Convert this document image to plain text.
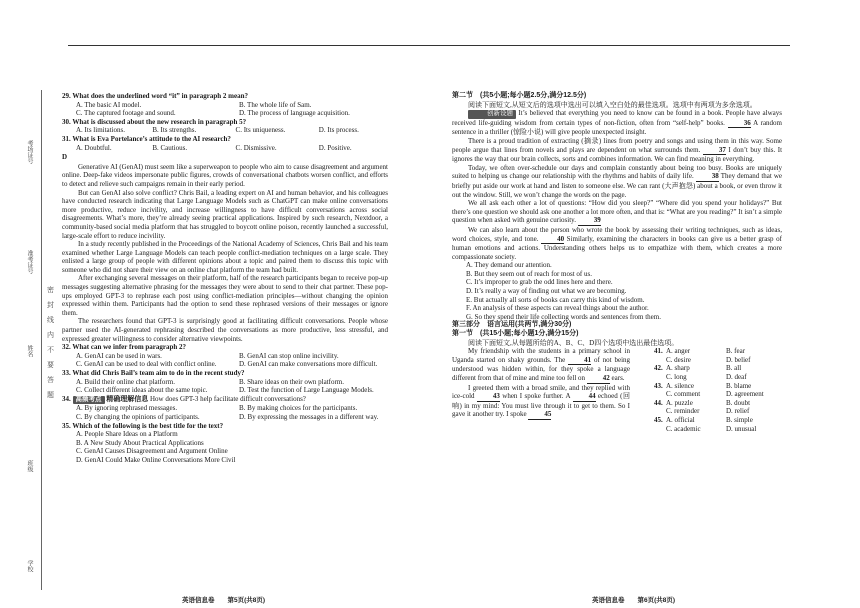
考场证号
准考证号
姓名
班级
学校
密
封
线
内
不
要
答
题

29. What does the underlined word “it” in paragraph 2 mean?

A. The basic AI model.	B. The whole life of Sam.
C. The captured footage and sound.	D. The process of language acquisition.

30. What is discussed about the new research in paragraph 5?

A. Its limitations.	B. Its strengths.	C. Its uniqueness.	D. Its process.

31. What is Eva Portelance’s attitude to the AI research?

A. Doubtful.	B. Cautious.	C. Dismissive.	D. Positive.

D

Generative AI (GenAI) must seem like a superweapon to people who aim to cause disagreement and argument online. Deep-fake videos impersonate public figures, crowds of conversational chatbots worsen conflict, and efforts to detect and relieve such campaigns remain in their early period.

But can GenAI also solve conflict? Chris Bail, a leading expert on AI and human behavior, and his colleagues have conducted research indicating that Large Language Models such as ChatGPT can make online conversations more productive, reduce incivility, and increase willingness to have difficult conversations across social disagreements. What’s more, they’re already seeing practical applications. Inspired by such research, Nextdoor, a community-based social media platform that has struggled to boycott online poison, recently launched a successful, large-scale effort to reduce incivility.

In a study recently published in the Proceedings of the National Academy of Sciences, Chris Bail and his team examined whether Large Language Models can teach people conflict-mediation techniques on a large scale. They enlisted a large group of people with different opinions about a topic and paired them to discuss this topic with someone who did not share their view on an online chat platform the team had built.

After exchanging several messages on their platform, half of the research participants began to receive pop-up messages suggesting alternative phrasing for the messages they were about to send to their chat partner. These pop-ups employed GPT-3 to rephrase each post using conflict-mediation principles—without changing the opinion expressed within them. Participants had the option to send these rephrased versions of their messages or ignore them.

The researchers found that GPT-3 is surprisingly good at facilitating difficult conversations. People whose partner used the AI-generated rephrasing described the conversations as more productive, less stressful, and expressed greater willingness to consider alternative viewpoints.

32. What can we infer from paragraph 2?

A. GenAI can be used in wars.	B. GenAI can stop online incivility.
C. GenAI can be used to deal with conflict online.	D. GenAI can make conversations more difficult.

33. What did Chris Bail’s team aim to do in the recent study?

A. Build their online chat platform.	B. Share ideas on their own platform.
C. Collect different ideas about the same topic.	D. Test the function of Large Language Models.

34. 高频考点 精确理解信息 How does GPT-3 help facilitate difficult conversations?

A. By ignoring rephrased messages.	B. By making choices for the participants.
C. By changing the opinions of participants.	D. By expressing the messages in a different way.

35. Which of the following is the best title for the text?

A. People Share Ideas on a Platform

B. A New Study About Practical Applications

C. GenAI Causes Disagreement and Argument Online

D. GenAI Could Make Online Conversations More Civil

英语信息卷　　第5页(共8页)

第二节　(共5小题;每小题2.5分,满分12.5分)

阅读下面短文,从短文后的选项中选出可以填入空白处的最佳选项。选项中有两项为多余选项。

创新设题 It’s believed that everything you need to know can be found in a book. People have always received life-guiding wisdom from certain types of non-fiction, often from “self-help” books.	36 A random sentence in a thriller (惊险小说) will give people unexpected insight.

There is a proud tradition of extracting (摘录) lines from poetry and songs and using them in this way. Some people argue that lines from novels and plays are dependent on what surrounds them.	37 I don’t buy this. It ignores the way that our brain collects, sorts and combines information. We can find meaning in everything.

Today, we often over-schedule our days and complain constantly about being too busy. Books are uniquely suited to helping us change our relationship with the rhythms and habits of daily life.	38 They demand that we briefly put aside our work at hand and listen to someone else. We can rant (大声抱怨) about a book, or even throw it out the window. Still, we won’t change the words on the page.

We all ask each other a lot of questions: “How did you sleep?” “Where did you spend your holidays?” But there’s one question we should ask one another a lot more often, and that is: “What are you reading?” It isn’t a simple question when asked with genuine curiosity.	39

We can also learn about the person who wrote the book by assessing their writing techniques, such as ideas, word choices, style, and tone.	40 Similarly, examining the characters in books can give us a better grasp of human emotions and actions. Understanding others helps us to empathize with them, which creates a more compassionate society.

A. They demand our attention.

B. But they seem out of reach for most of us.

C. It’s improper to grab the odd lines here and there.

D. It’s really a way of finding out what we are becoming.

E. But actually all sorts of books can carry this kind of wisdom.

F. An analysis of these aspects can reveal things about the author.

G. So they spend their life collecting words and sentences from them.

第三部分　语言运用(共两节,满分30分)

第一节　(共15小题;每小题1分,满分15分)

阅读下面短文,从每题所给的A、B、C、D四个选项中选出最佳选项。

My friendship with the students in a primary school in Uganda started on shaky grounds. The	41 of not being understood was hidden within, for they spoke a language different from that of mine and mine too fell on	42 ears.

I greeted them with a broad smile, and they replied with ice-cold	43 when I spoke further. A	44 echoed (回响) in my mind: You must live through it to get to them. So I gave it another try. I spoke	45

41. A. anger	B. fear
C. desire	D. belief
42. A. sharp	B. all
C. long	D. deaf
43. A. silence	B. blame
C. comment	D. agreement
44. A. puzzle	B. doubt
C. reminder	D. relief
45. A. official	B. simple
C. academic	D. unusual
英语信息卷　　第6页(共8页)
